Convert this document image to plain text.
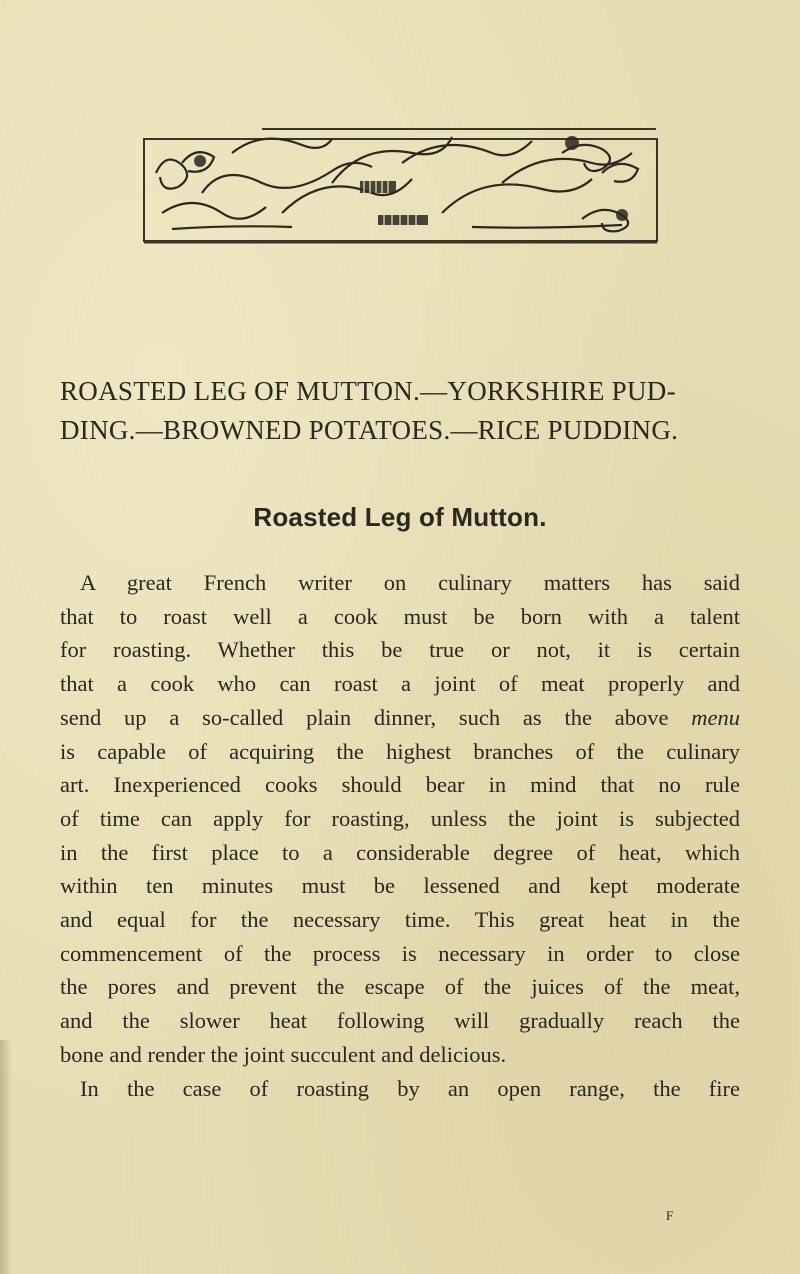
ROASTED LEG OF MUTTON.—YORKSHIRE PUD-
DING.—BROWNED POTATOES.—RICE PUDDING.
Roasted Leg of Mutton.
A great French writer on culinary matters has said
that to roast well a cook must be born with a talent
for roasting. Whether this be true or not, it is certain
that a cook who can roast a joint of meat properly and
send up a so-called plain dinner, such as the above menu
is capable of acquiring the highest branches of the culinary
art. Inexperienced cooks should bear in mind that no rule
of time can apply for roasting, unless the joint is subjected
in the first place to a considerable degree of heat, which
within ten minutes must be lessened and kept moderate
and equal for the necessary time. This great heat in the
commencement of the process is necessary in order to close
the pores and prevent the escape of the juices of the meat,
and the slower heat following will gradually reach the
bone and render the joint succulent and delicious.
In the case of roasting by an open range, the fire
F
